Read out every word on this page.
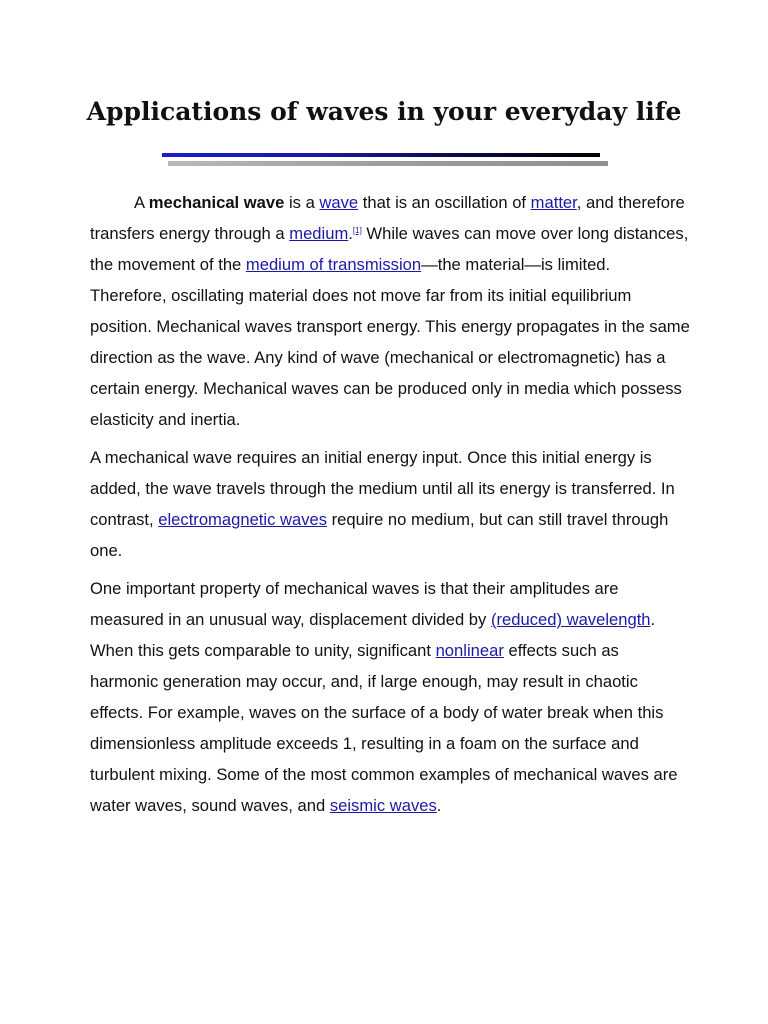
Applications of waves in your everyday life

A mechanical wave is a wave that is an oscillation of matter, and therefore transfers energy through a medium.[1] While waves can move over long distances, the movement of the medium of transmission—the material—is limited. Therefore, oscillating material does not move far from its initial equilibrium position. Mechanical waves transport energy. This energy propagates in the same direction as the wave. Any kind of wave (mechanical or electromagnetic) has a certain energy. Mechanical waves can be produced only in media which possess elasticity and inertia.

A mechanical wave requires an initial energy input. Once this initial energy is added, the wave travels through the medium until all its energy is transferred. In contrast, electromagnetic waves require no medium, but can still travel through one.

One important property of mechanical waves is that their amplitudes are measured in an unusual way, displacement divided by (reduced) wavelength. When this gets comparable to unity, significant nonlinear effects such as harmonic generation may occur, and, if large enough, may result in chaotic effects. For example, waves on the surface of a body of water break when this dimensionless amplitude exceeds 1, resulting in a foam on the surface and turbulent mixing. Some of the most common examples of mechanical waves are water waves, sound waves, and seismic waves.
